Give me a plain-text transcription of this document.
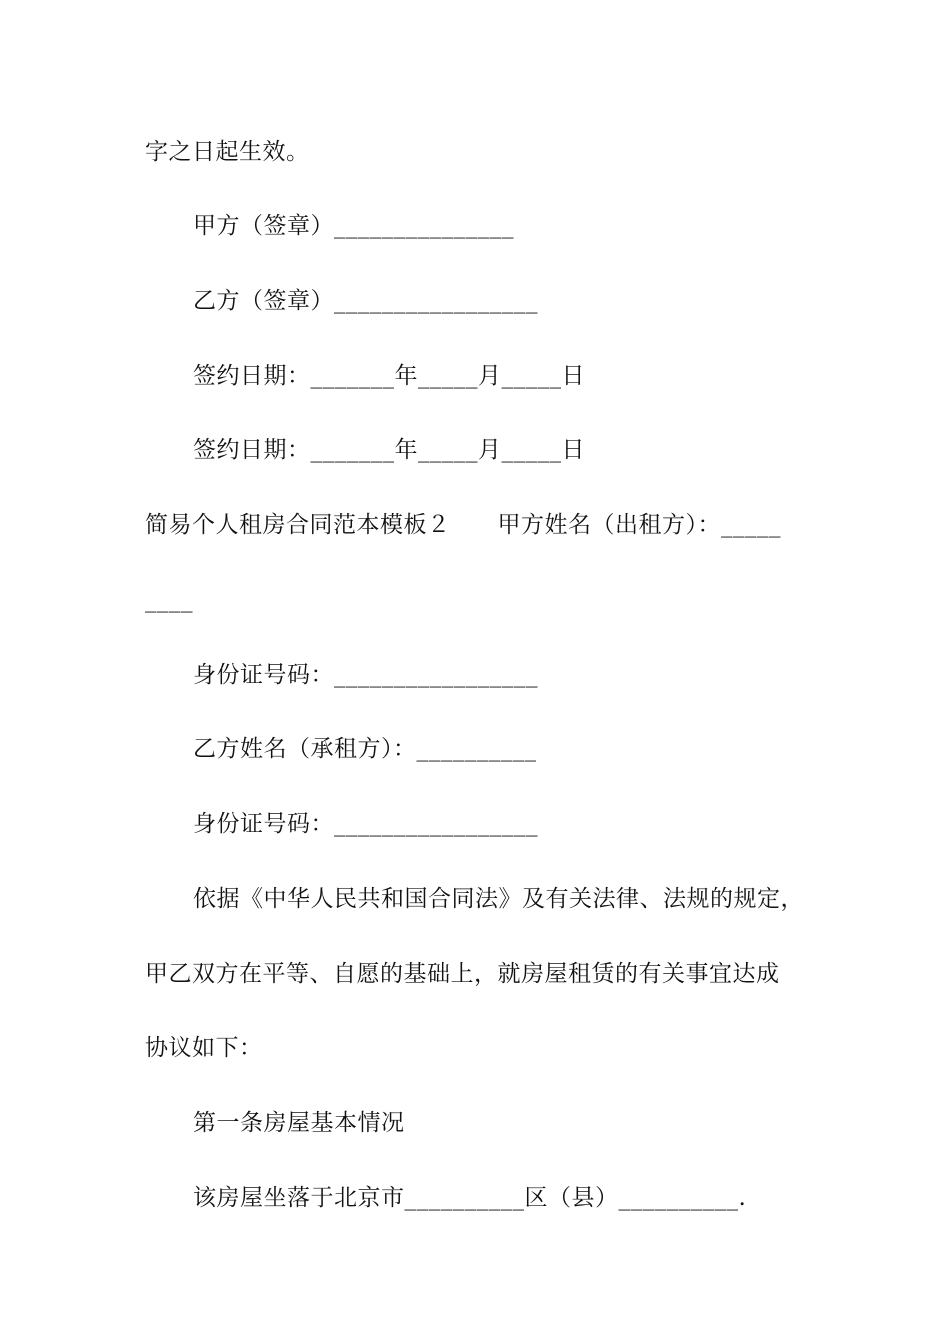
字之日起生效。
甲方（签章）_______________
乙方（签章）_________________
签约日期：_______年_____月_____日
签约日期：_______年_____月_____日
简易个人租房合同范本模板２　　甲方姓名（出租方）：_____
____
身份证号码：_________________
乙方姓名（承租方）：__________
身份证号码：_________________
依据《中华人民共和国合同法》及有关法律、法规的规定，
甲乙双方在平等、自愿的基础上，就房屋租赁的有关事宜达成
协议如下：
第一条房屋基本情况
该房屋坐落于北京市__________区（县）__________.
